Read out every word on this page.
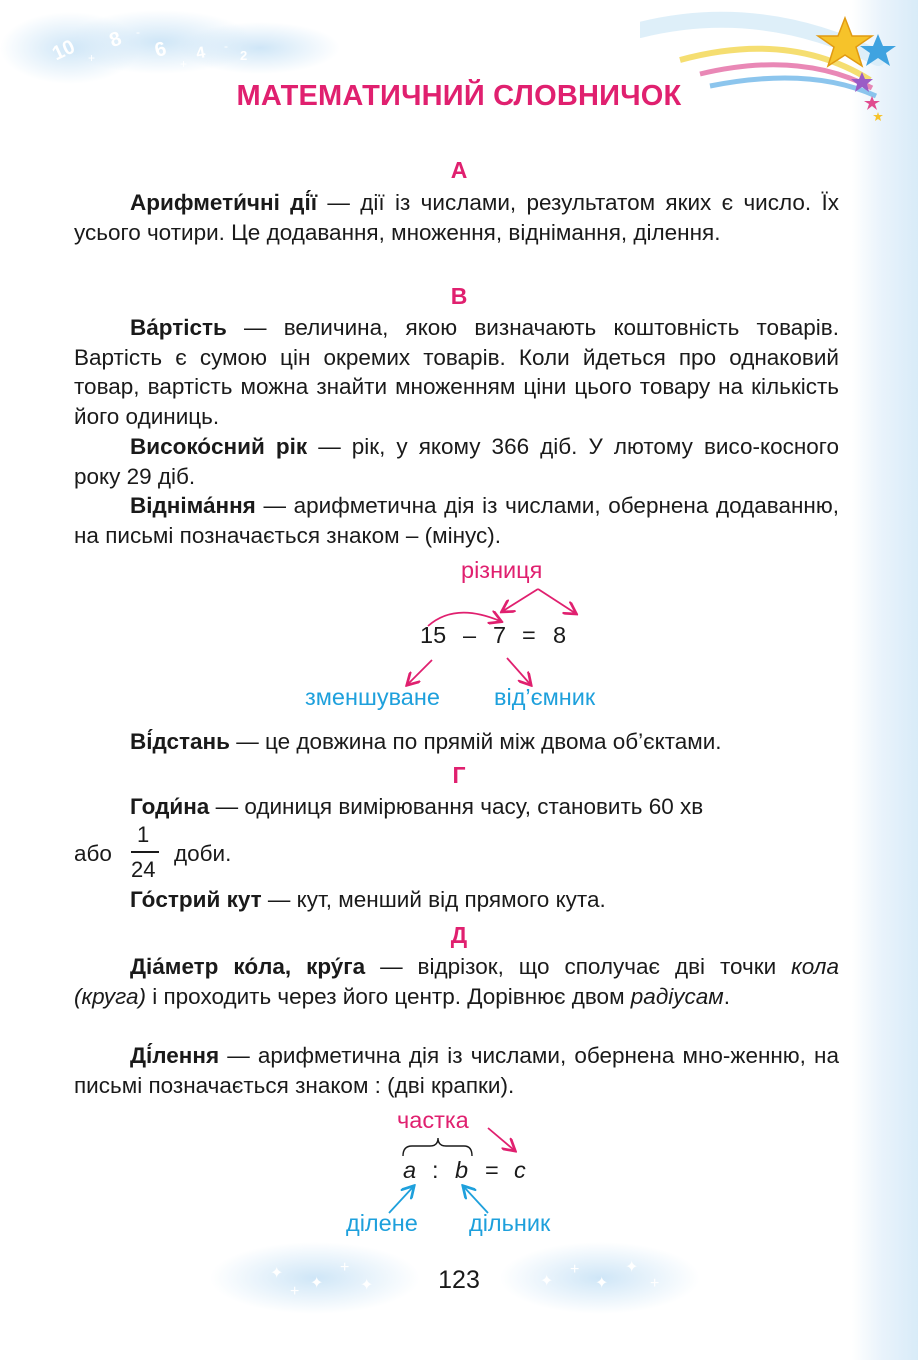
10 8 6 4	2
+
-
+
-
✦
✦
+
✦
+
✦
+
✦
✦
+
МАТЕМАТИЧНИЙ СЛОВНИЧОК
А
Арифмети́чні ді́ї — дії із числами, результатом яких є число. Їх усього чотири. Це додавання, множення, віднімання, ділення.
В
Ва́ртість — величина, якою визначають коштовність товарів. Вартість є сумою цін окремих товарів. Коли йдеться про однаковий товар, вартість можна знайти множенням ціни цього товару на кількість його одиниць.
Високо́сний рік — рік, у якому 366 діб. У лютому висо-косного року 29 діб.
Відніма́ння — арифметична дія із числами, обернена додаванню, на письмі позначається знаком – (мінус).
різниця
15 – 7 = 8
зменшуване від’ємник
Ві́дстань — це довжина по прямій між двома об’єктами.
Г
Годи́на — одиниця вимірювання часу, становить 60 хв
або
1
24
доби.
Го́стрий кут — кут, менший від прямого кута.
Д
Діа́метр ко́ла, кру́га — відрізок, що сполучає дві точки кола (круга) і проходить через його центр. Дорівнює двом радіусам.
Ді́лення — арифметична дія із числами, обернена мно-женню, на письмі позначається знаком : (дві крапки).
частка
a : b = c
ділене дільник
123
